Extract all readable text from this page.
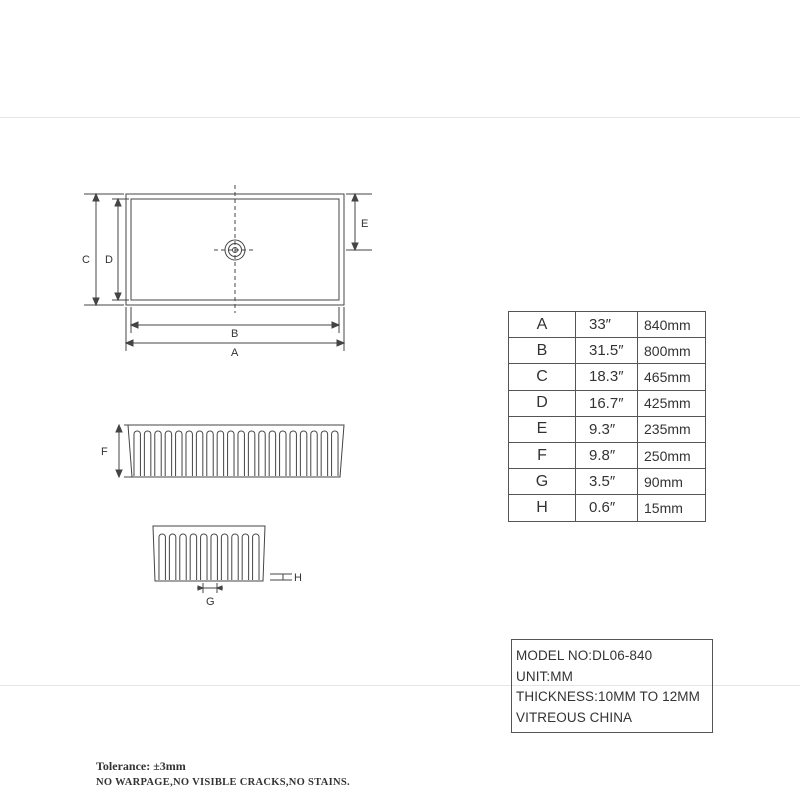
C D
E
B
A
F
H
G
A	33″	840mm
B	31.5″	800mm
C	18.3″	465mm
D	16.7″	425mm
E	9.3″	235mm
F	9.8″	250mm
G	3.5″	90mm
H	0.6″	15mm
MODEL NO:DL06-840
UNIT:MM
THICKNESS:10MM TO 12MM
VITREOUS CHINA
Tolerance: ±3mm
NO WARPAGE,NO VISIBLE CRACKS,NO STAINS.
